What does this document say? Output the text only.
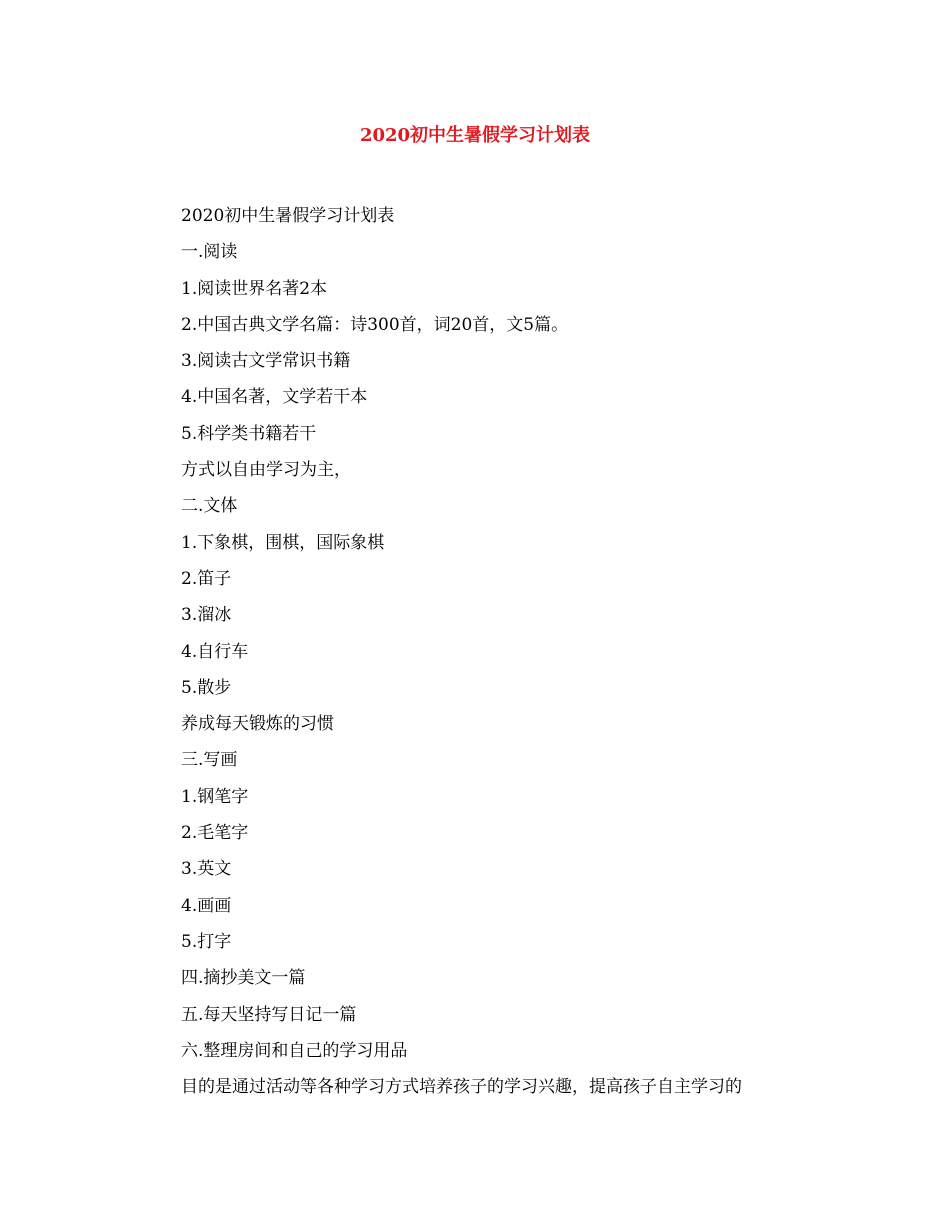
2020初中生暑假学习计划表

2020初中生暑假学习计划表

一.阅读

1.阅读世界名著2本

2.中国古典文学名篇：诗300首，词20首，文5篇。

3.阅读古文学常识书籍

4.中国名著，文学若干本

5.科学类书籍若干

方式以自由学习为主，

二.文体

1.下象棋，围棋，国际象棋

2.笛子

3.溜冰

4.自行车

5.散步

养成每天锻炼的习惯

三.写画

1.钢笔字

2.毛笔字

3.英文

4.画画

5.打字

四.摘抄美文一篇

五.每天坚持写日记一篇

六.整理房间和自己的学习用品

目的是通过活动等各种学习方式培养孩子的学习兴趣，提高孩子自主学习的
